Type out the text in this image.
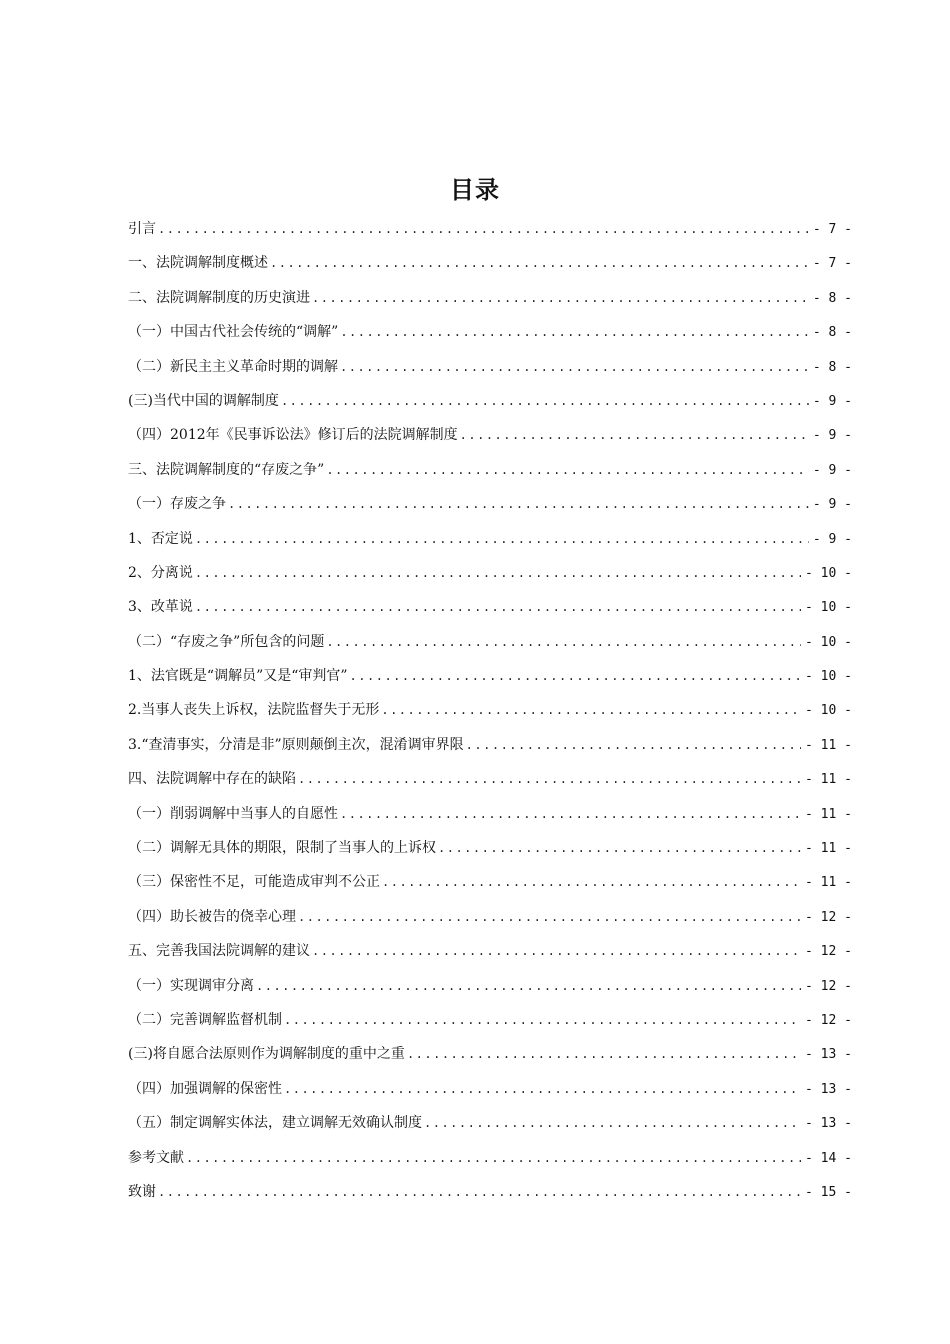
目录
引言 .....	- 7 -
一、法院调解制度概述 .....	- 7 -
二、法院调解制度的历史演进 .....	- 8 -
（一）中国古代社会传统的“调解” .....	- 8 -
（二）新民主主义革命时期的调解 .....	- 8 -
(三)当代中国的调解制度 .....	- 9 -
（四）2012年《民事诉讼法》修订后的法院调解制度 .....	- 9 -
三、法院调解制度的“存废之争” .....	- 9 -
（一）存废之争 .....	- 9 -
1、否定说 .....	- 9 -
2、分离说 .....	- 10 -
3、改革说 .....	- 10 -
（二）“存废之争”所包含的问题 .....	- 10 -
1、法官既是“调解员”又是“审判官” .....	- 10 -
2.当事人丧失上诉权，法院监督失于无形 .....	- 10 -
3.“查清事实，分清是非”原则颠倒主次，混淆调审界限 .....	- 11 -
四、法院调解中存在的缺陷 .....	- 11 -
（一）削弱调解中当事人的自愿性 .....	- 11 -
（二）调解无具体的期限，限制了当事人的上诉权 .....	- 11 -
（三）保密性不足，可能造成审判不公正 .....	- 11 -
（四）助长被告的侥幸心理 .....	- 12 -
五、完善我国法院调解的建议 .....	- 12 -
（一）实现调审分离 .....	- 12 -
（二）完善调解监督机制 .....	- 12 -
(三)将自愿合法原则作为调解制度的重中之重 .....	- 13 -
（四）加强调解的保密性 .....	- 13 -
（五）制定调解实体法，建立调解无效确认制度 .....	- 13 -
参考文献 .....	- 14 -
致谢 .....	- 15 -
